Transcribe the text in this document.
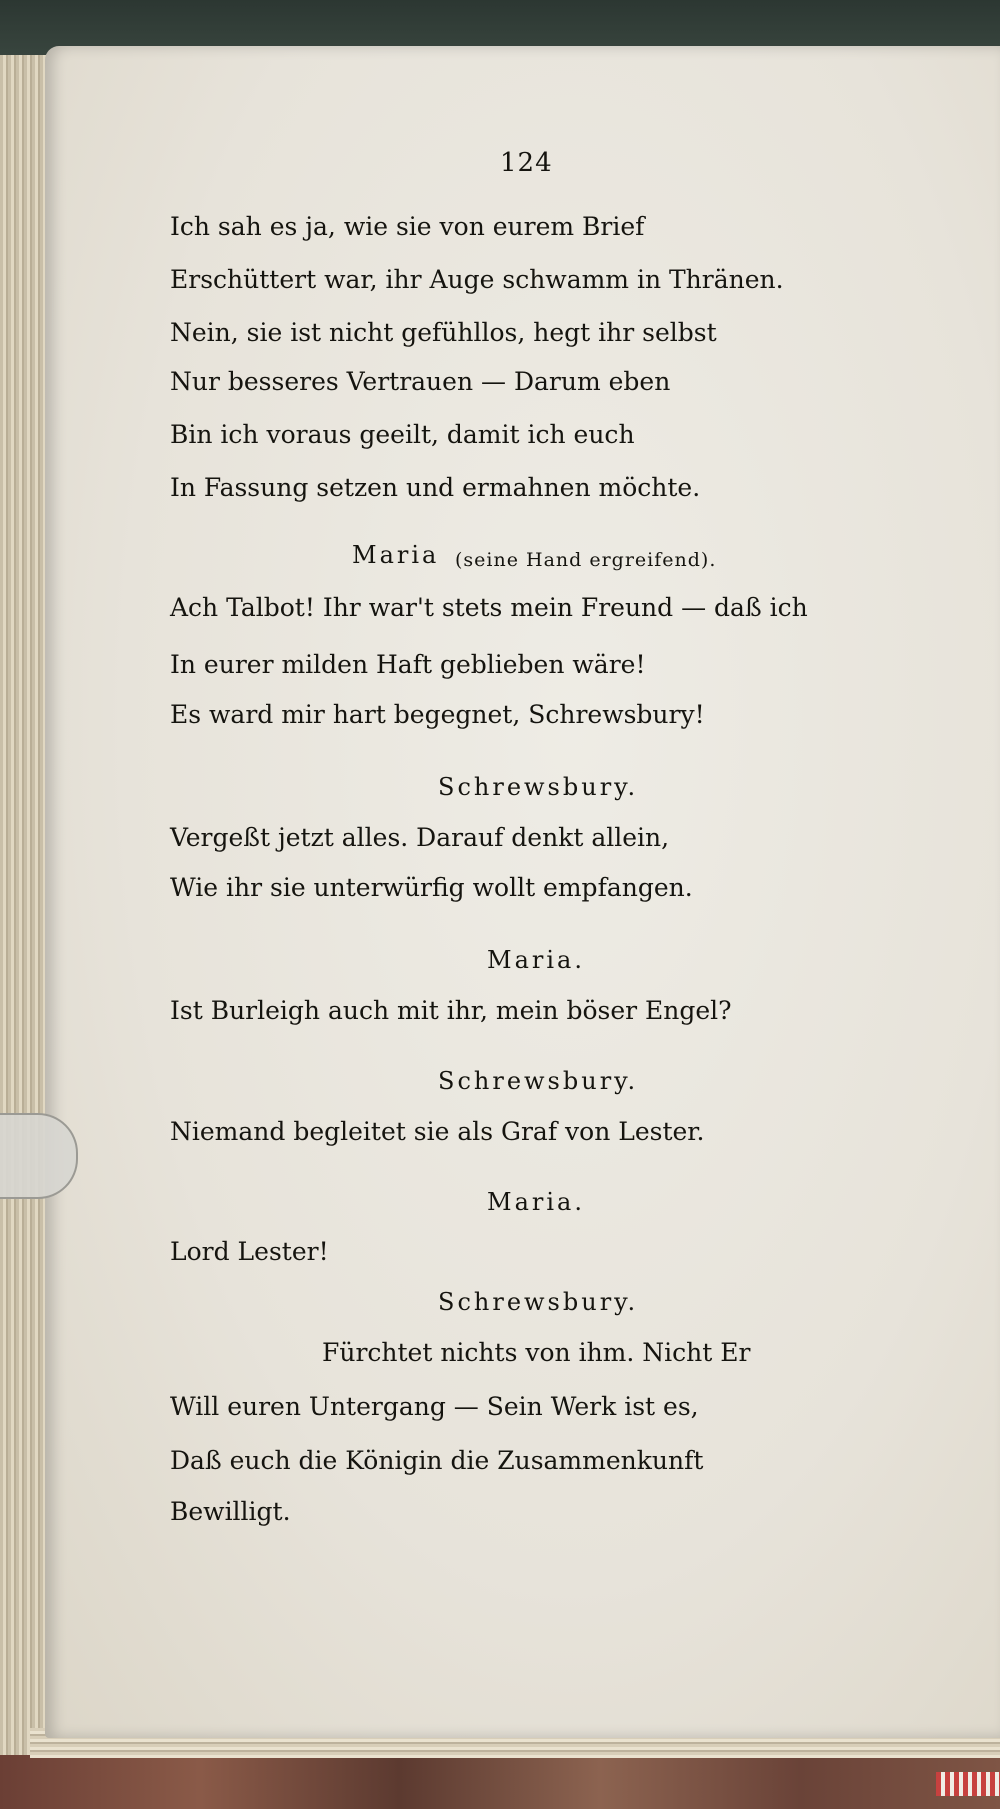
124
Ich sah es ja, wie sie von eurem Brief
Erschüttert war, ihr Auge schwamm in Thränen.
Nein, sie ist nicht gefühllos, hegt ihr selbst
Nur besseres Vertrauen — Darum eben
Bin ich voraus geeilt, damit ich euch
In Fassung setzen und ermahnen möchte.
Maria (seine Hand ergreifend).
Ach Talbot! Ihr war't stets mein Freund — daß ich
In eurer milden Haft geblieben wäre!
Es ward mir hart begegnet, Schrewsbury!
Schrewsbury.
Vergeßt jetzt alles. Darauf denkt allein,
Wie ihr sie unterwürfig wollt empfangen.
Maria.
Ist Burleigh auch mit ihr, mein böser Engel?
Schrewsbury.
Niemand begleitet sie als Graf von Lester.
Maria.
Lord Lester!
Schrewsbury.
Fürchtet nichts von ihm. Nicht Er
Will euren Untergang — Sein Werk ist es,
Daß euch die Königin die Zusammenkunft
Bewilligt.
